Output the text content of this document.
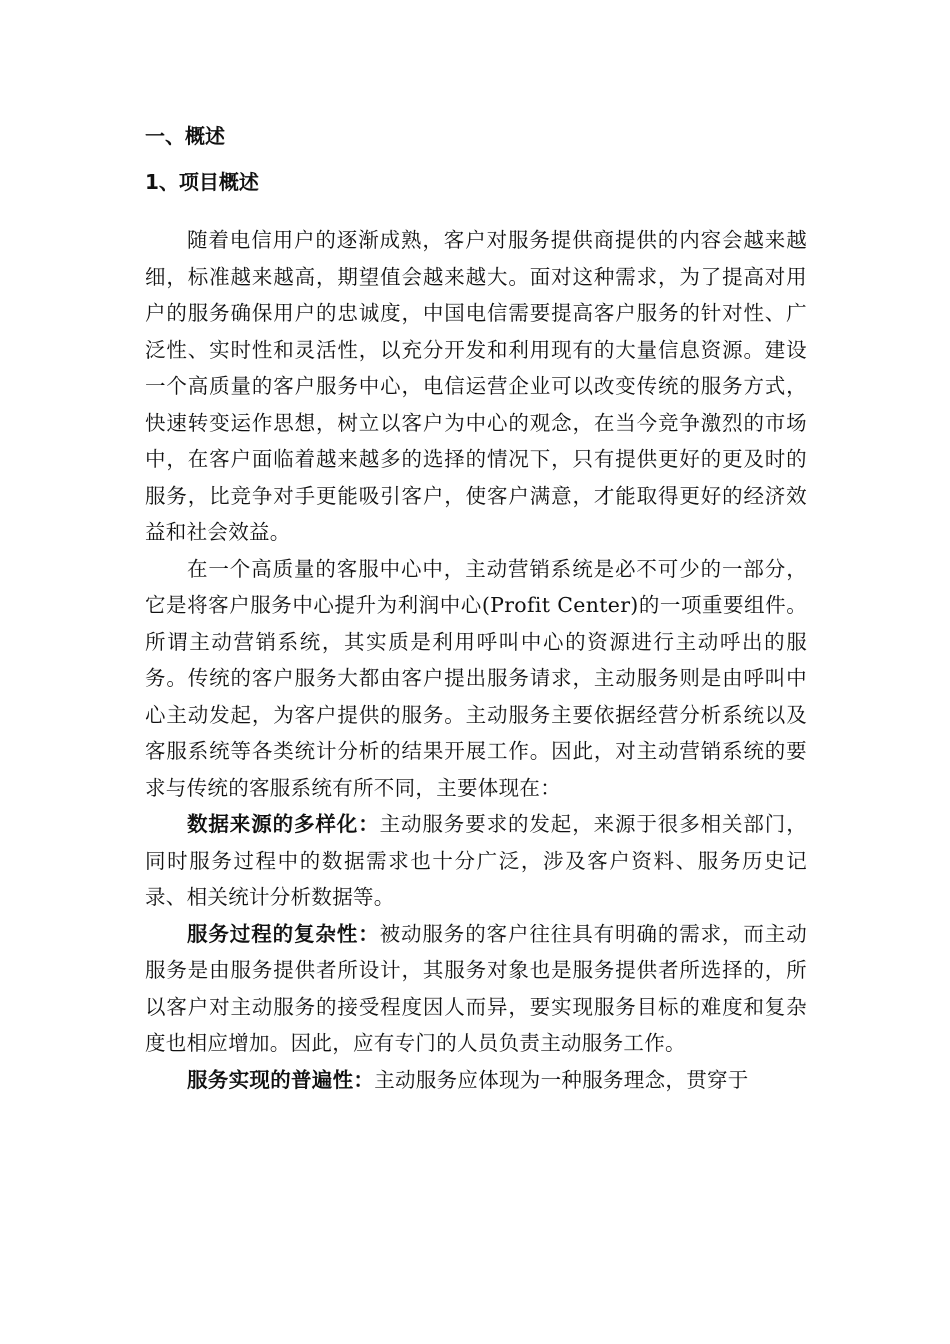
一、概述

1、项目概述

随着电信用户的逐渐成熟，客户对服务提供商提供的内容会越来越细，标准越来越高，期望值会越来越大。面对这种需求，为了提高对用户的服务确保用户的忠诚度，中国电信需要提高客户服务的针对性、广泛性、实时性和灵活性，以充分开发和利用现有的大量信息资源。建设一个高质量的客户服务中心，电信运营企业可以改变传统的服务方式，快速转变运作思想，树立以客户为中心的观念，在当今竞争激烈的市场中，在客户面临着越来越多的选择的情况下，只有提供更好的更及时的服务，比竞争对手更能吸引客户，使客户满意，才能取得更好的经济效益和社会效益。

在一个高质量的客服中心中，主动营销系统是必不可少的一部分，它是将客户服务中心提升为利润中心(Profit Center)的一项重要组件。所谓主动营销系统，其实质是利用呼叫中心的资源进行主动呼出的服务。传统的客户服务大都由客户提出服务请求，主动服务则是由呼叫中心主动发起，为客户提供的服务。主动服务主要依据经营分析系统以及客服系统等各类统计分析的结果开展工作。因此，对主动营销系统的要求与传统的客服系统有所不同，主要体现在：

数据来源的多样化：主动服务要求的发起，来源于很多相关部门，同时服务过程中的数据需求也十分广泛，涉及客户资料、服务历史记录、相关统计分析数据等。

服务过程的复杂性：被动服务的客户往往具有明确的需求，而主动服务是由服务提供者所设计，其服务对象也是服务提供者所选择的，所以客户对主动服务的接受程度因人而异，要实现服务目标的难度和复杂度也相应增加。因此，应有专门的人员负责主动服务工作。

服务实现的普遍性：主动服务应体现为一种服务理念，贯穿于
